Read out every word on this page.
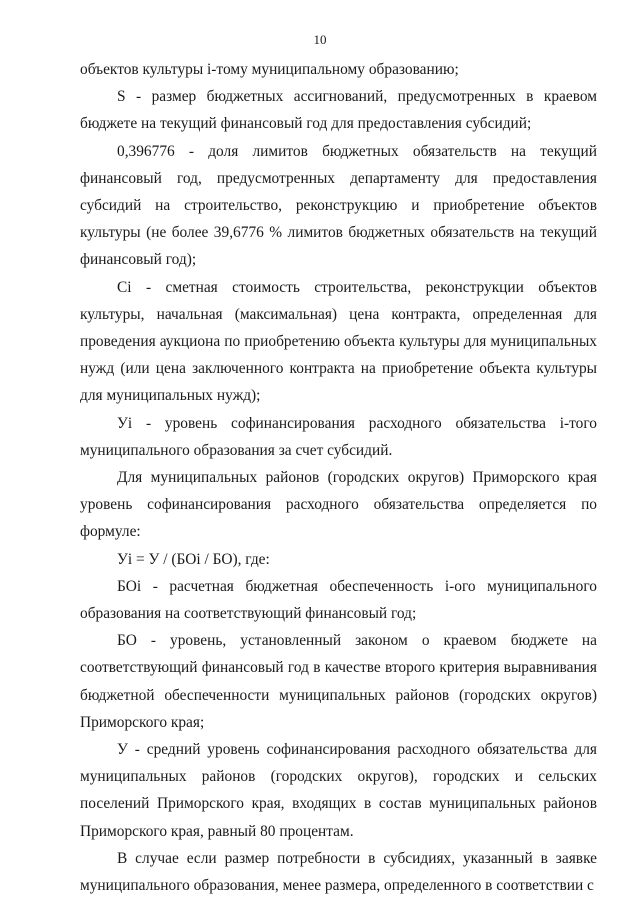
10

объектов культуры i-тому муниципальному образованию;

S - размер бюджетных ассигнований, предусмотренных в краевом бюджете на текущий финансовый год для предоставления субсидий;

0,396776 - доля лимитов бюджетных обязательств на текущий финансовый год, предусмотренных департаменту для предоставления субсидий на строительство, реконструкцию и приобретение объектов культуры (не более 39,6776 % лимитов бюджетных обязательств на текущий финансовый год);

Ci - сметная стоимость строительства, реконструкции объектов культуры, начальная (максимальная) цена контракта, определенная для проведения аукциона по приобретению объекта культуры для муниципальных нужд (или цена заключенного контракта на приобретение объекта культуры для муниципальных нужд);

Уi - уровень софинансирования расходного обязательства i-того муниципального образования за счет субсидий.

Для муниципальных районов (городских округов) Приморского края уровень софинансирования расходного обязательства определяется по формуле:

Уi = У / (БОi / БО), где:

БОi - расчетная бюджетная обеспеченность i-ого муниципального образования на соответствующий финансовый год;

БО - уровень, установленный законом о краевом бюджете на соответствующий финансовый год в качестве второго критерия выравнивания бюджетной обеспеченности муниципальных районов (городских округов) Приморского края;

У - средний уровень софинансирования расходного обязательства для муниципальных районов (городских округов), городских и сельских поселений Приморского края, входящих в состав муниципальных районов Приморского края, равный 80 процентам.

В случае если размер потребности в субсидиях, указанный в заявке муниципального образования, менее размера, определенного в соответствии с
